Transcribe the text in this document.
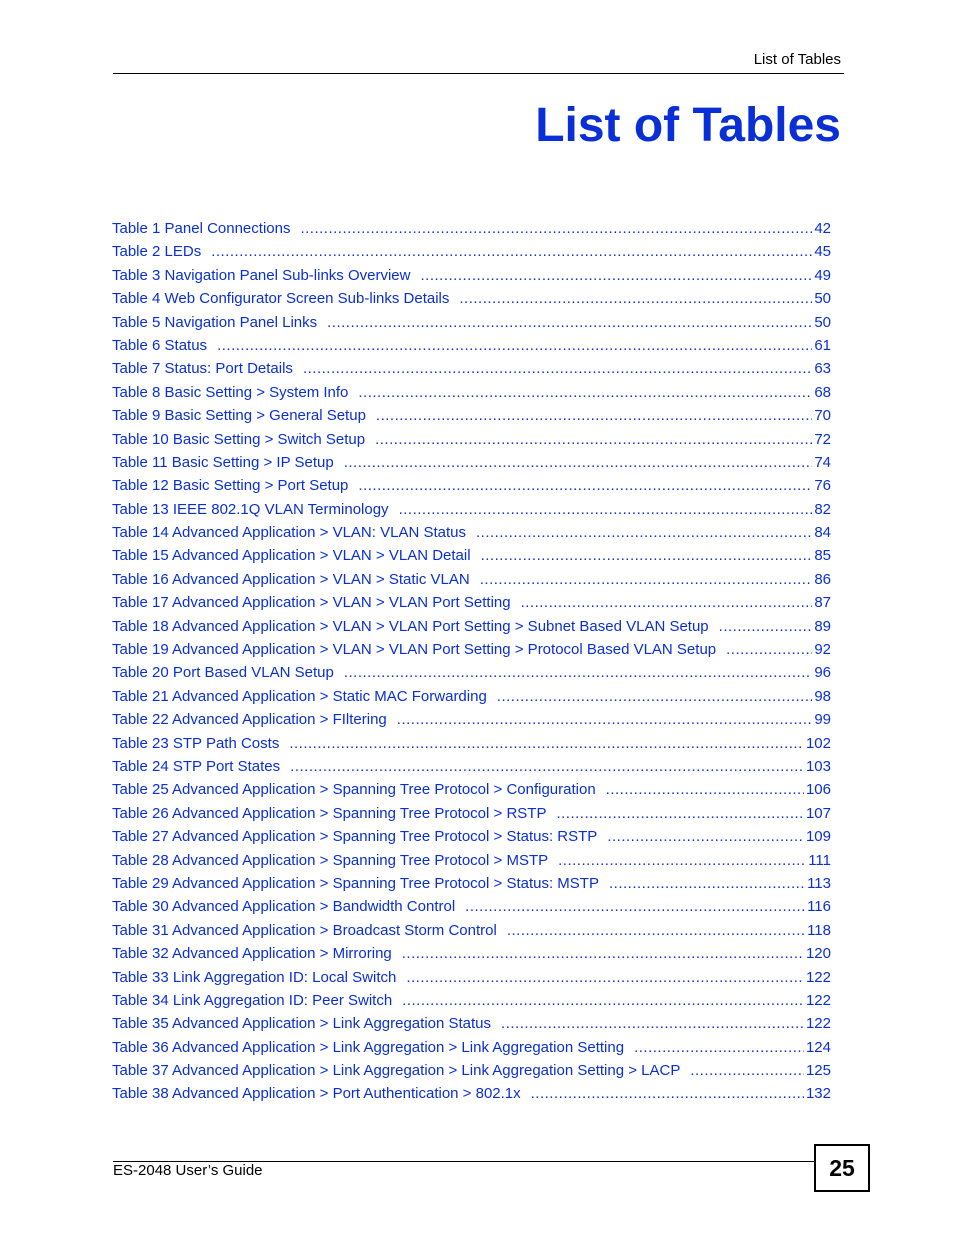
List of Tables
List of Tables
Table 1 Panel Connections .....	42
Table 2 LEDs .....	45
Table 3 Navigation Panel Sub-links Overview .....	49
Table 4 Web Configurator Screen Sub-links Details .....	50
Table 5 Navigation Panel Links .....	50
Table 6 Status .....	61
Table 7 Status: Port Details .....	63
Table 8 Basic Setting > System Info .....	68
Table 9 Basic Setting > General Setup .....	70
Table 10 Basic Setting > Switch Setup .....	72
Table 11 Basic Setting > IP Setup .....	74
Table 12 Basic Setting > Port Setup .....	76
Table 13 IEEE 802.1Q VLAN Terminology .....	82
Table 14 Advanced Application > VLAN: VLAN Status .....	84
Table 15 Advanced Application > VLAN > VLAN Detail .....	85
Table 16 Advanced Application > VLAN > Static VLAN .....	86
Table 17 Advanced Application > VLAN > VLAN Port Setting .....	87
Table 18 Advanced Application > VLAN > VLAN Port Setting > Subnet Based VLAN Setup .....	89
Table 19 Advanced Application > VLAN > VLAN Port Setting > Protocol Based VLAN Setup .....	92
Table 20 Port Based VLAN Setup .....	96
Table 21 Advanced Application > Static MAC Forwarding .....	98
Table 22 Advanced Application > FIltering .....	99
Table 23 STP Path Costs .....	102
Table 24 STP Port States .....	103
Table 25 Advanced Application > Spanning Tree Protocol > Configuration .....	106
Table 26 Advanced Application > Spanning Tree Protocol > RSTP .....	107
Table 27 Advanced Application > Spanning Tree Protocol > Status: RSTP .....	109
Table 28 Advanced Application > Spanning Tree Protocol > MSTP .....	111
Table 29 Advanced Application > Spanning Tree Protocol > Status: MSTP .....	113
Table 30 Advanced Application > Bandwidth Control .....	116
Table 31 Advanced Application > Broadcast Storm Control .....	118
Table 32 Advanced Application > Mirroring .....	120
Table 33 Link Aggregation ID: Local Switch .....	122
Table 34 Link Aggregation ID: Peer Switch .....	122
Table 35 Advanced Application > Link Aggregation Status .....	122
Table 36 Advanced Application > Link Aggregation > Link Aggregation Setting .....	124
Table 37 Advanced Application > Link Aggregation > Link Aggregation Setting > LACP .....	125
Table 38 Advanced Application > Port Authentication > 802.1x .....	132
ES-2048 User’s Guide	25
